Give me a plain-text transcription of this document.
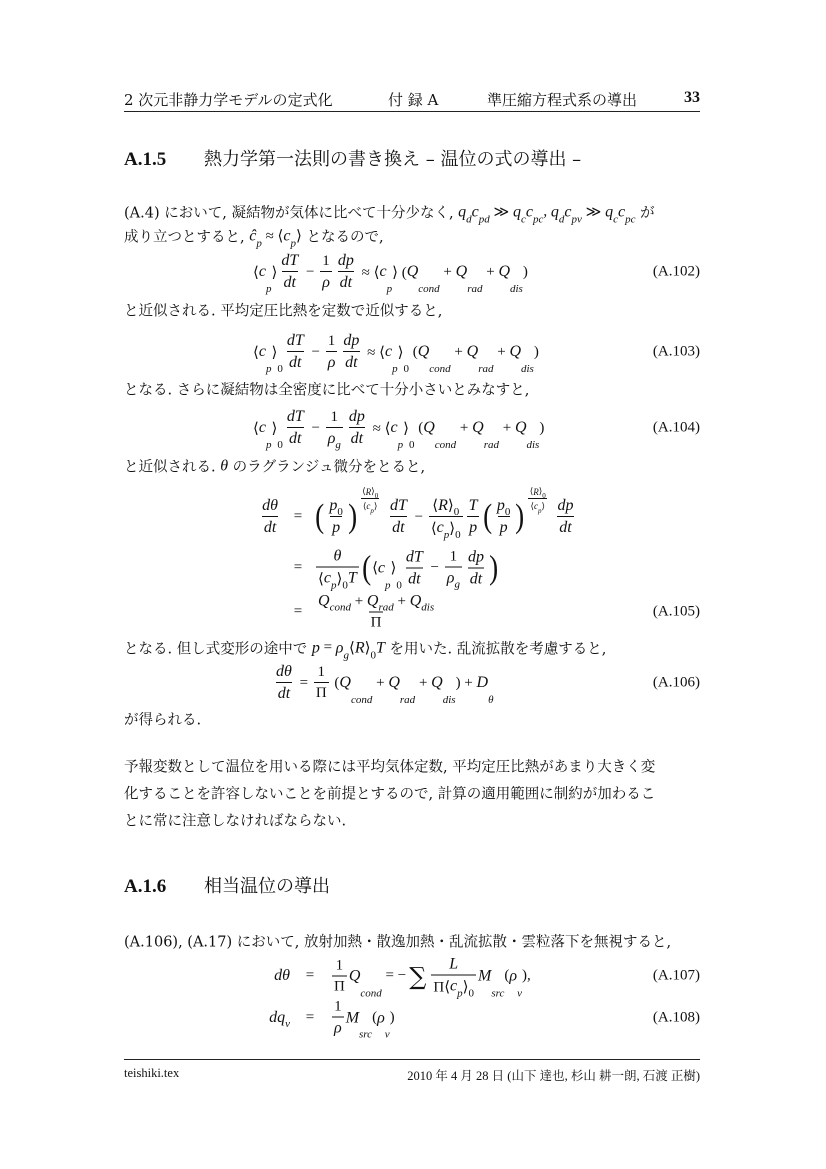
2 次元非静力学モデルの定式化	付 録 A	準圧縮方程式系の導出	33
A.1.5 熱力学第一法則の書き換え – 温位の式の導出 –
A.1.6 相当温位の導出
(A.4) において, 凝結物が気体に比べて十分少なく, q d c pd ≫ q c c pc , q d c pv ≫ q c c pc が
成り立つとすると, ĉ p ≈ ⟨ c p ⟩ となるので,
⟨ c
p
⟩ $\frac{dT}{dt} - \frac{1}{\rho} \frac{dp}{dt}$ ≈ ⟨ c
p
⟩ ( Q
cond
+ Q
rad
+ Q
dis
)	(A.102)
と近似される. 平均定圧比熱を定数で近似すると,
⟨ c
p
⟩
$0 \frac{dT}{dt} - \frac{1}{\rho} \frac{dp}{dt}$ ≈ ⟨ c
p
⟩
0
( Q
cond
+ Q
rad
+ Q
dis
)	(A.103)
となる. さらに凝結物は全密度に比べて十分小さいとみなすと,
⟨ c
p
⟩
$0 \frac{dT}{dt} - \frac{1}{\text{ρ g}} \frac{dp}{dt}$ ≈ ⟨ c
p
⟩
0
( Q
cond
+ Q
rad
+ Q
dis
)	(A.104)
と近似される. θ のラグランジュ微分をとると,
$\frac{d\theta}{dt}$ = ( $\frac{p 0}{p}$ ) $\frac{⟨ R ⟩ 0}{\text{⟨ c p ⟩}}$
$\frac{dT}{dt} - \frac{⟨ R ⟩ 0}{\text{⟨ c p ⟩ 0}} \frac{T}{p}$ ( $\frac{p 0}{p}$ ) $\frac{⟨ R ⟩ 0}{\text{⟨ c p ⟩}}$
$\frac{dp}{dt}$
= $\frac{\theta}{\text{⟨ c p ⟩ 0 T}}$ ( ⟨ c
p
⟩
$0 \frac{dT}{dt} - \frac{1}{\text{ρ g}} \frac{dp}{dt}$ )
=
Q cond + Q rad + Q dis
Π
(A.105)
となる. 但し式変形の途中で p = ρ g ⟨ R ⟩ 0 T を用いた. 乱流拡散を考慮すると,
$\frac{d\theta}{dt} = \frac{1}{\Pi}$ ( Q
cond
+ Q
rad
+ Q
dis
) + D
θ
(A.106)
が得られる.
予報変数として温位を用いる際には平均気体定数, 平均定圧比熱があまり大きく変
化することを許容しないことを前提とするので, 計算の適用範囲に制約が加わるこ
とに常に注意しなければならない.
(A.106), (A.17) において, 放射加熱・散逸加熱・乱流拡散・雲粒落下を無視すると,
dθ	=	$\frac{1}{\Pi}$ Q
cond
= − ∑ $\frac{L}{\text{Π⟨ c p ⟩ 0}}$ M
src
( ρ
v
),	(A.107)
dq v	=	$\frac{1}{\rho}$ M
src
( ρ
v
)	(A.108)
teishiki.tex	2010 年 4 月 28 日 (山下 達也, 杉山 耕一朗, 石渡 正樹)
